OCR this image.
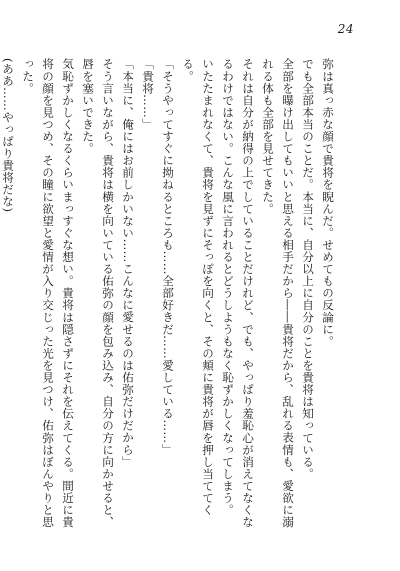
24

弥は真っ赤な顔で貴将を睨んだ。せめてもの反論に。

でも全部本当のことだ。本当に、自分以上に自分のことを貴将は知っている。

全部を曝け出してもいいと思える相手だから――貴将だから、乱れる表情も、愛欲に溺れる体も全部を見せてきた。

それは自分が納得の上でしていることだけれど、でも、やっぱり羞恥心が消えてなくなるわけではない。こんな風に言われるとどうしようもなく恥ずかしくなってしまう。

いたたまれなくて、貴将を見ずにそっぽを向くと、その頬に貴将が唇を押し当ててくる。

「そうやってすぐに拗ねるところも……全部好きだ……愛している……」

「貴将……」

「本当に、俺にはお前しかいない……こんなに愛せるのは佑弥だけだから」

そう言いながら、貴将は横を向いている佑弥の顔を包み込み、自分の方に向かせると、唇を塞いできた。

気恥ずかしくなるくらいまっすぐな想い。貴将は隠さずにそれを伝えてくる。間近に貴将の顔を見つめ、その瞳に欲望と愛情が入り交じった光を見つけ、佑弥はぼんやりと思った。

(ああ……やっぱり貴将だな)
